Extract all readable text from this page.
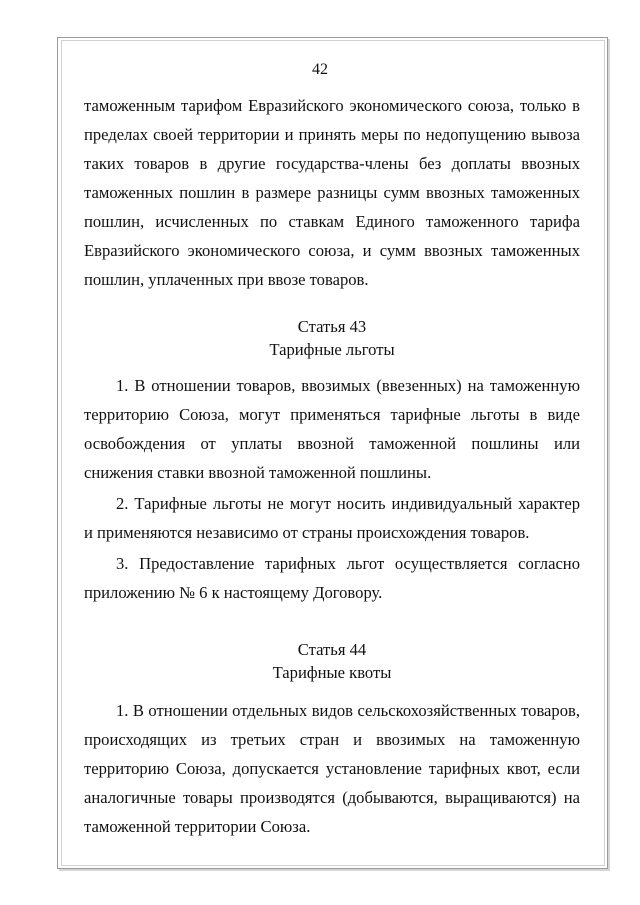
42
таможенным тарифом Евразийского экономического союза, только в пределах своей территории и принять меры по недопущению вывоза таких товаров в другие государства-члены без доплаты ввозных таможенных пошлин в размере разницы сумм ввозных таможенных пошлин, исчисленных по ставкам Единого таможенного тарифа Евразийского экономического союза, и сумм ввозных таможенных пошлин, уплаченных при ввозе товаров.
Статья 43
Тарифные льготы
1. В отношении товаров, ввозимых (ввезенных) на таможенную территорию Союза, могут применяться тарифные льготы в виде освобождения от уплаты ввозной таможенной пошлины или снижения ставки ввозной таможенной пошлины.
2. Тарифные льготы не могут носить индивидуальный характер и применяются независимо от страны происхождения товаров.
3. Предоставление тарифных льгот осуществляется согласно приложению № 6 к настоящему Договору.
Статья 44
Тарифные квоты
1. В отношении отдельных видов сельскохозяйственных товаров, происходящих из третьих стран и ввозимых на таможенную территорию Союза, допускается установление тарифных квот, если аналогичные товары производятся (добываются, выращиваются) на таможенной территории Союза.
